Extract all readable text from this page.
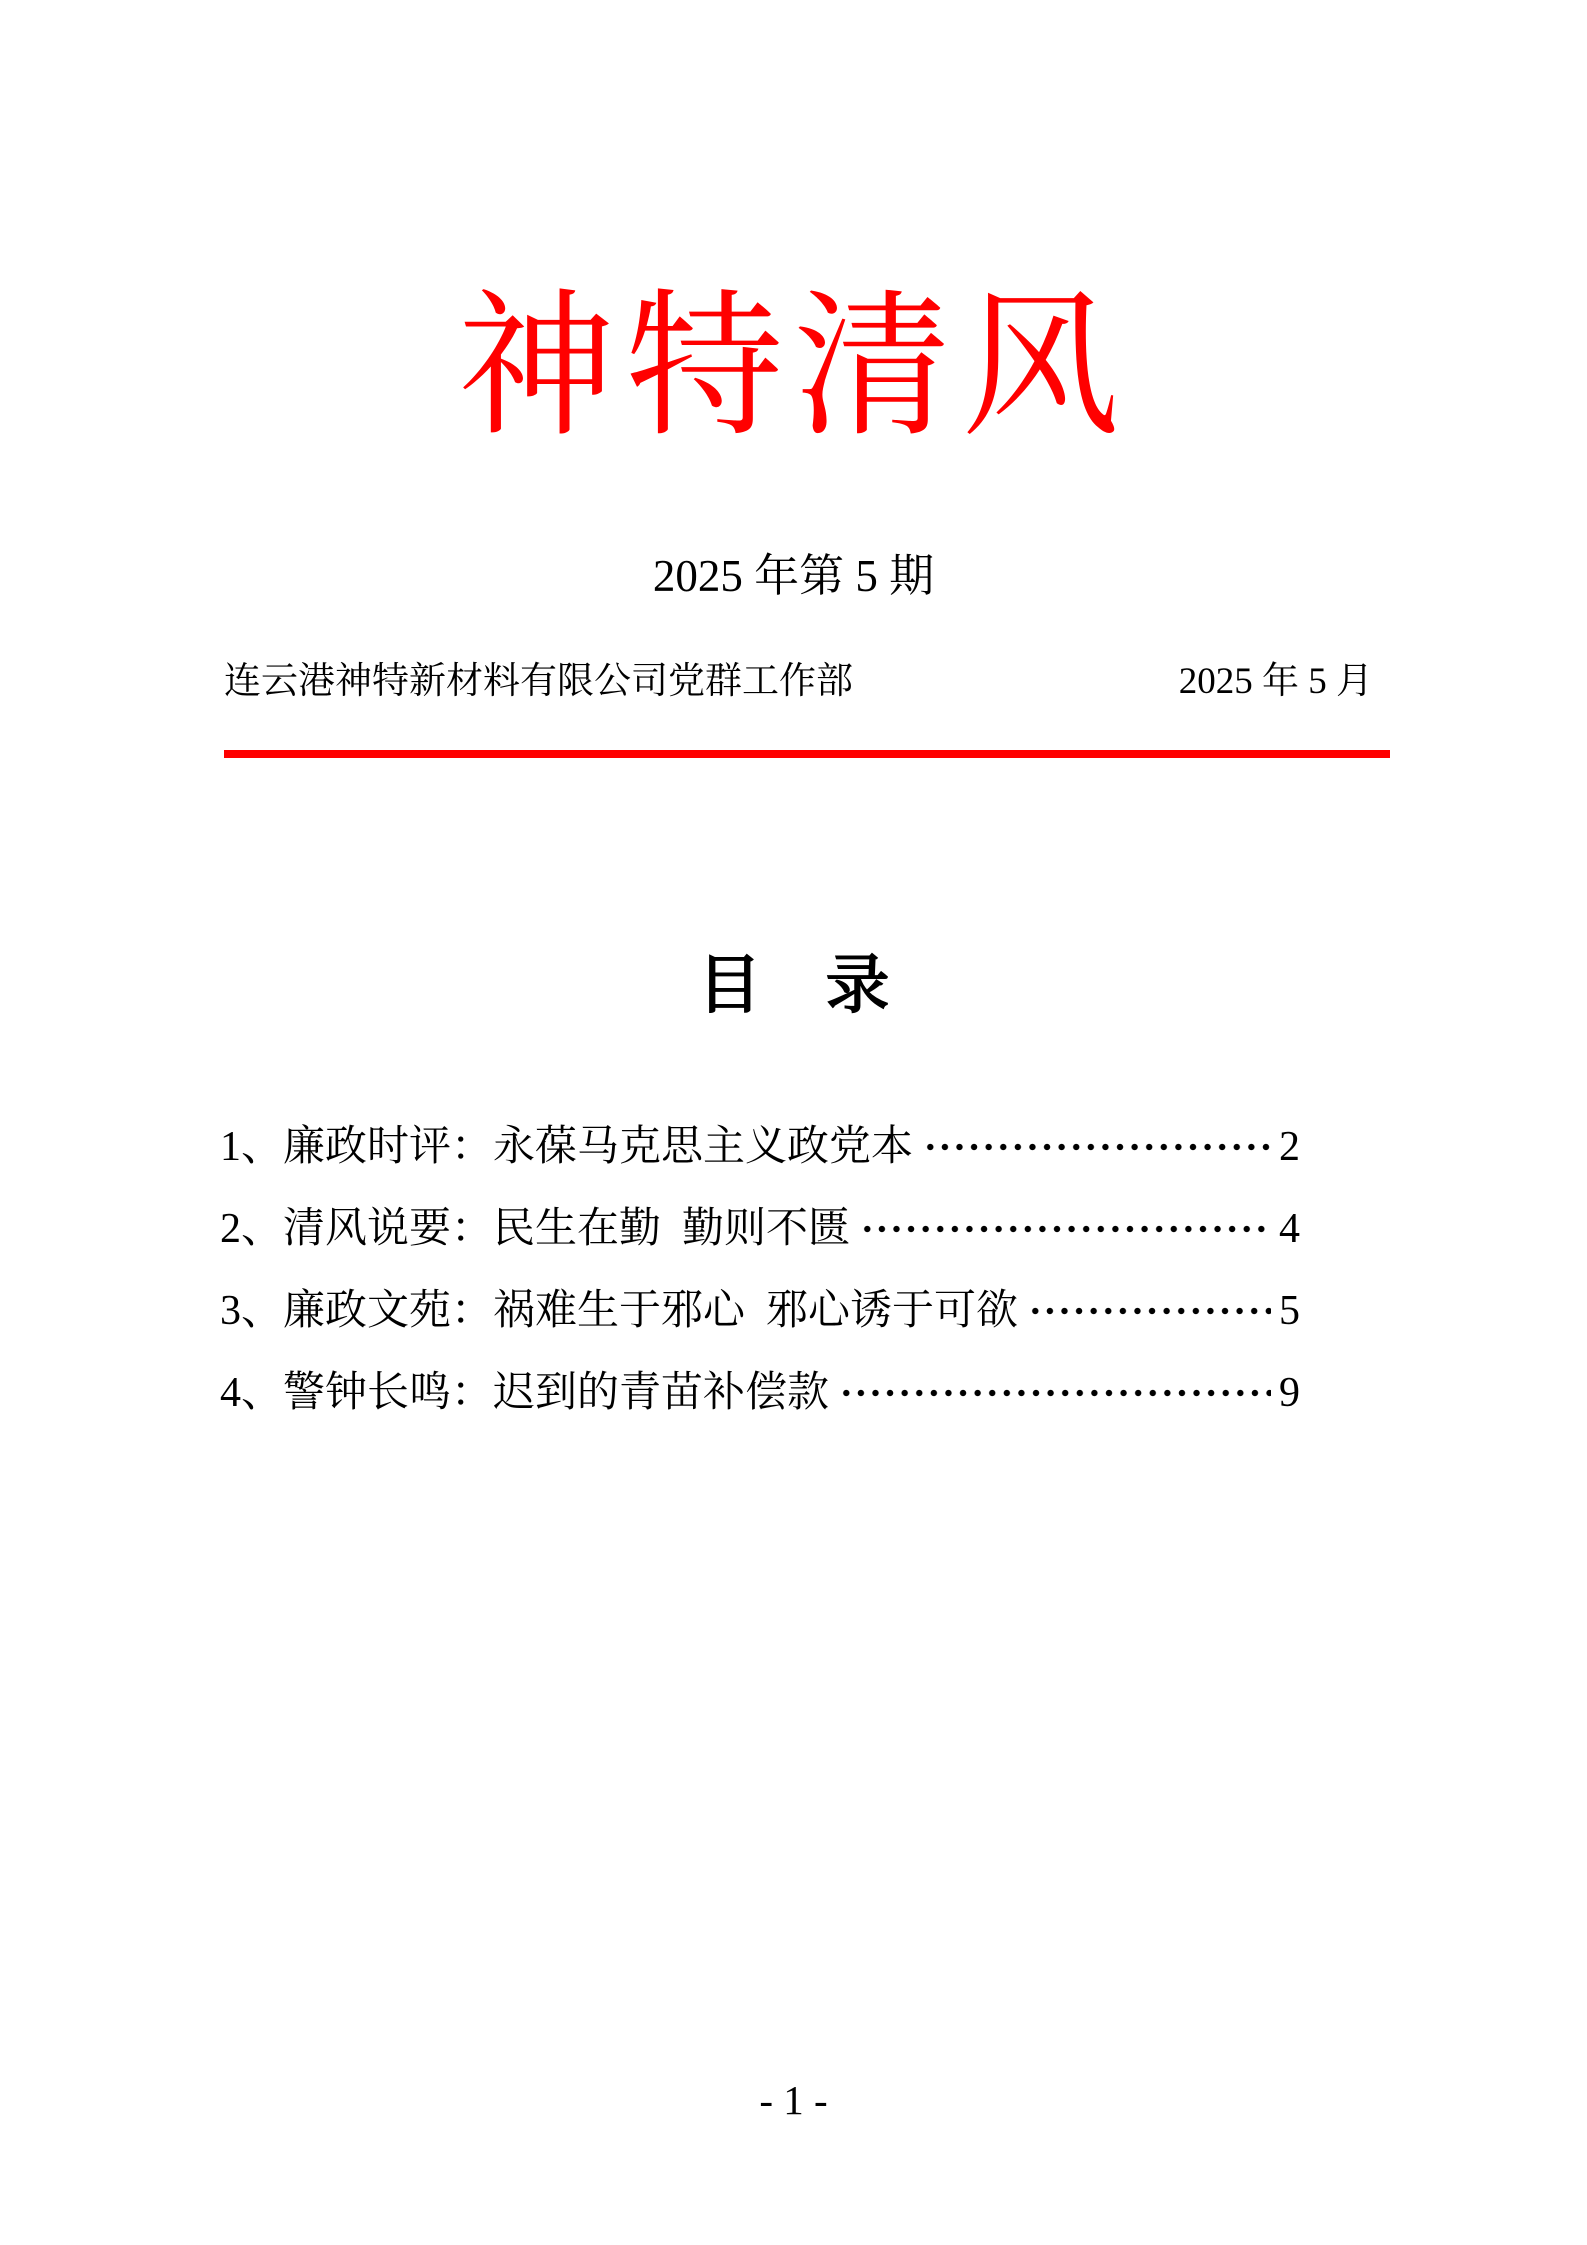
神特清风
2025 年第 5 期
连云港神特新材料有限公司党群工作部	2025 年 5 月
目    录
1、廉政时评：永葆马克思主义政党本	2
2、清风说要：民生在勤  勤则不匮	4
3、廉政文苑：祸难生于邪心  邪心诱于可欲	5
4、警钟长鸣：迟到的青苗补偿款	9
- 1 -
